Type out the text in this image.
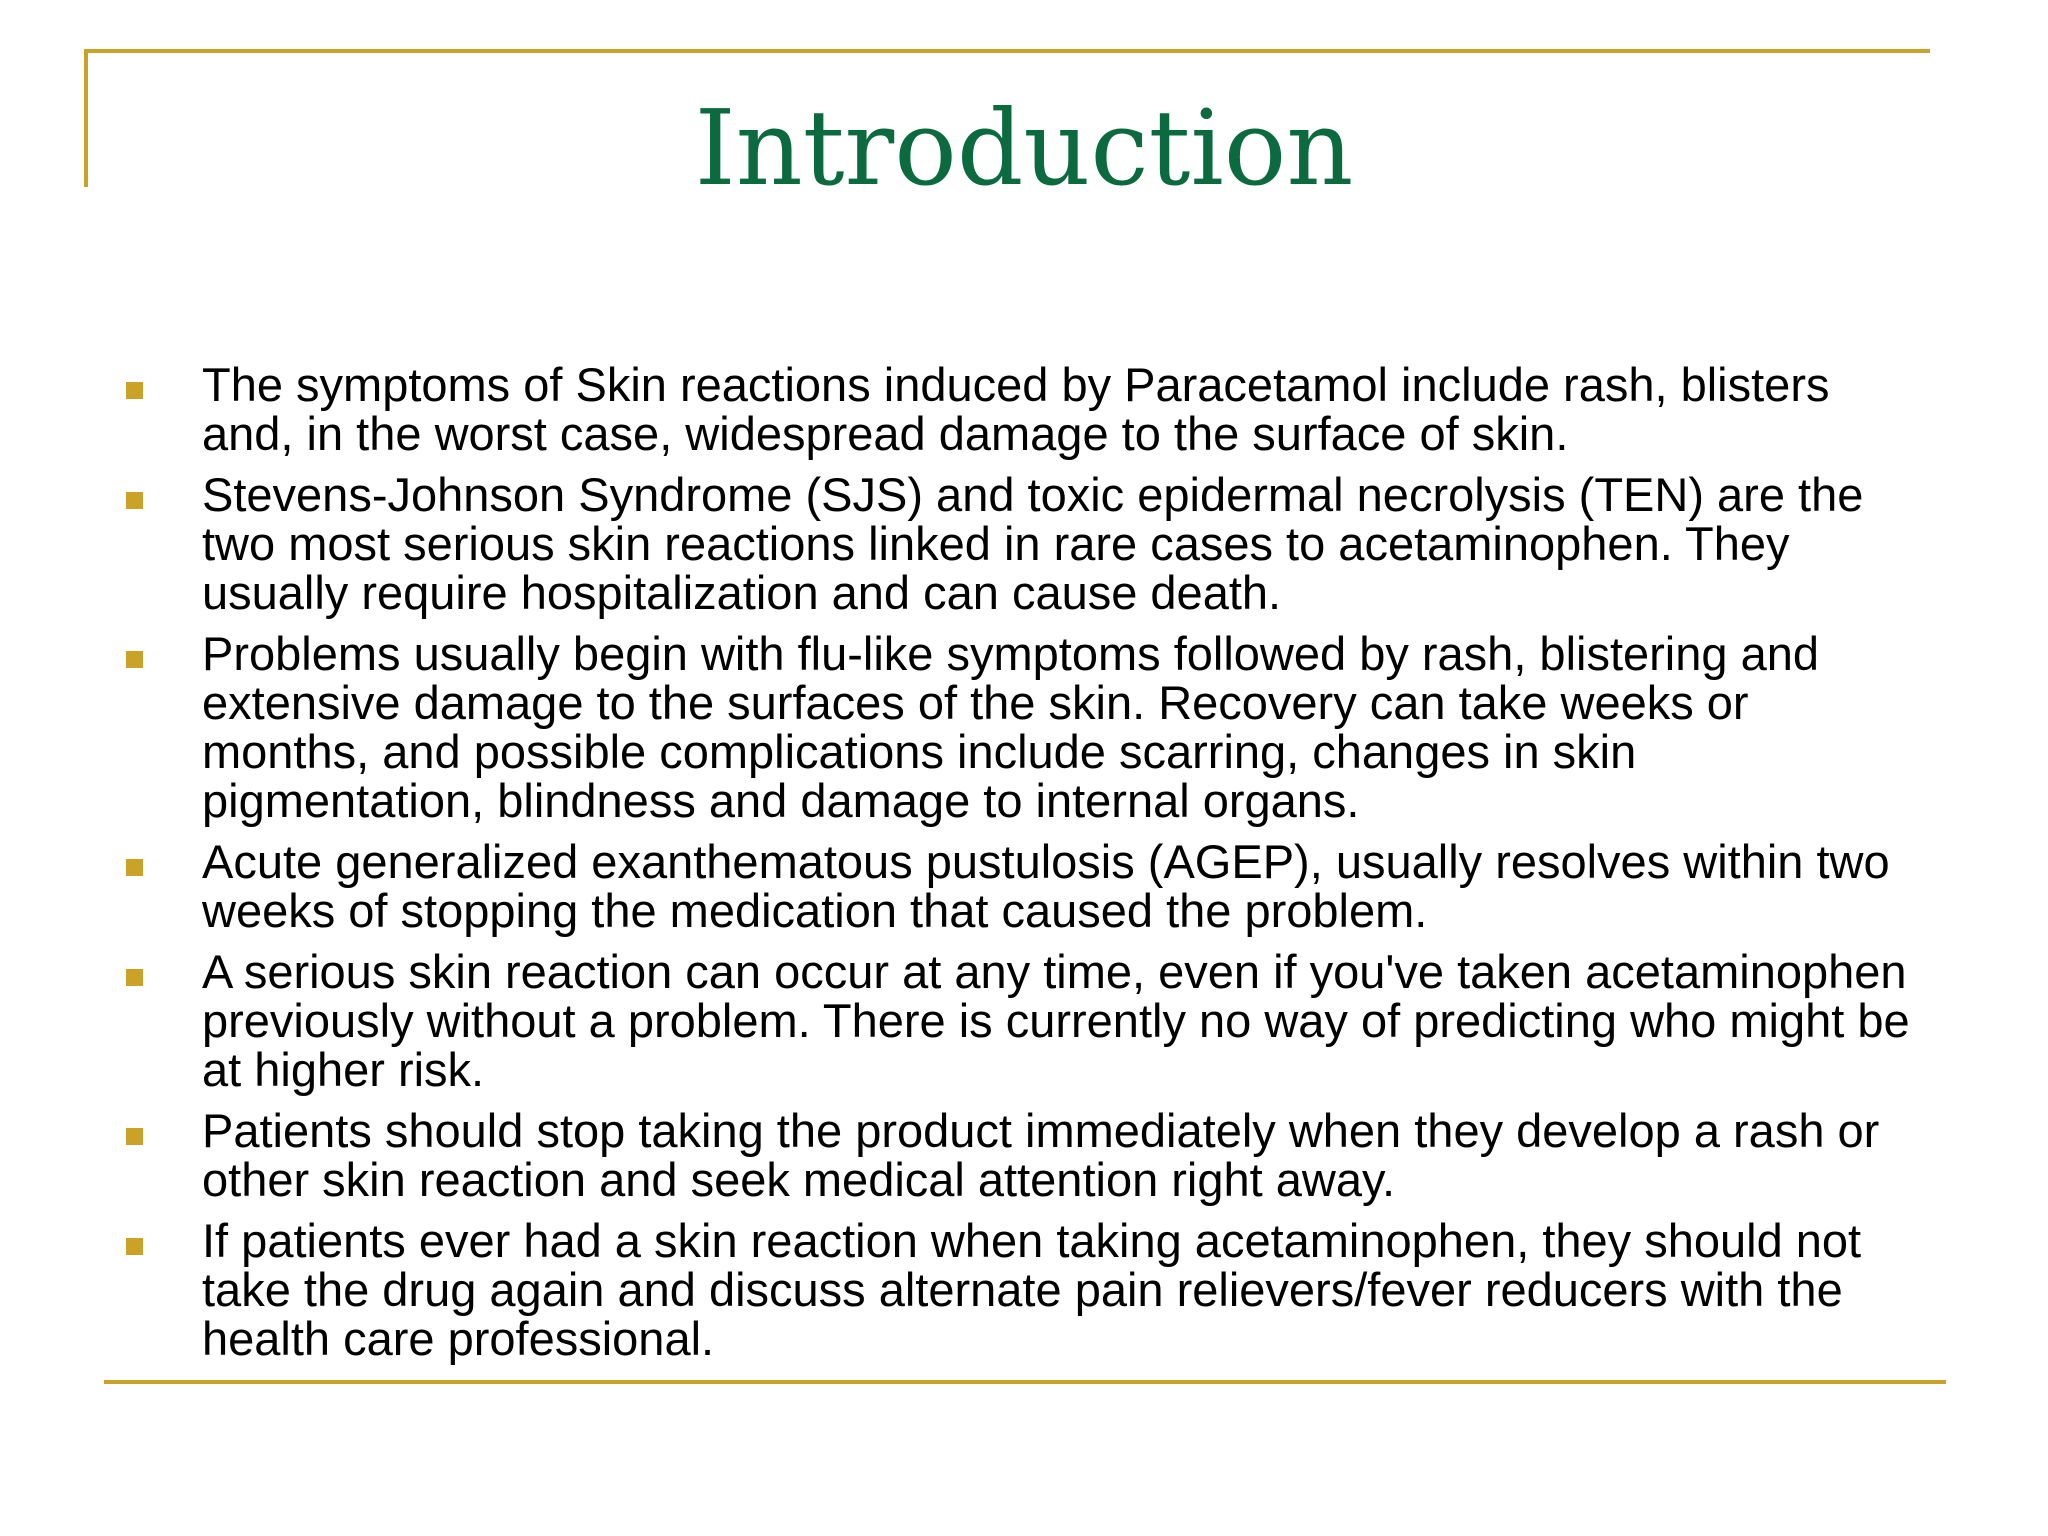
Introduction
The symptoms of Skin reactions induced by Paracetamol include rash, blisters and, in the worst case, widespread damage to the surface of skin.
Stevens-Johnson Syndrome (SJS) and toxic epidermal necrolysis (TEN) are the two most serious skin reactions linked in rare cases to acetaminophen. They usually require hospitalization and can cause death.
Problems usually begin with flu-like symptoms followed by rash, blistering and extensive damage to the surfaces of the skin. Recovery can take weeks or months, and possible complications include scarring, changes in skin pigmentation, blindness and damage to internal organs.
Acute generalized exanthematous pustulosis (AGEP), usually resolves within two weeks of stopping the medication that caused the problem.
A serious skin reaction can occur at any time, even if you've taken acetaminophen previously without a problem. There is currently no way of predicting who might be at higher risk.
Patients should stop taking the product immediately when they develop a rash or other skin reaction and seek medical attention right away.
If patients ever had a skin reaction when taking acetaminophen, they should not take the drug again and discuss alternate pain relievers/fever reducers with the health care professional.
